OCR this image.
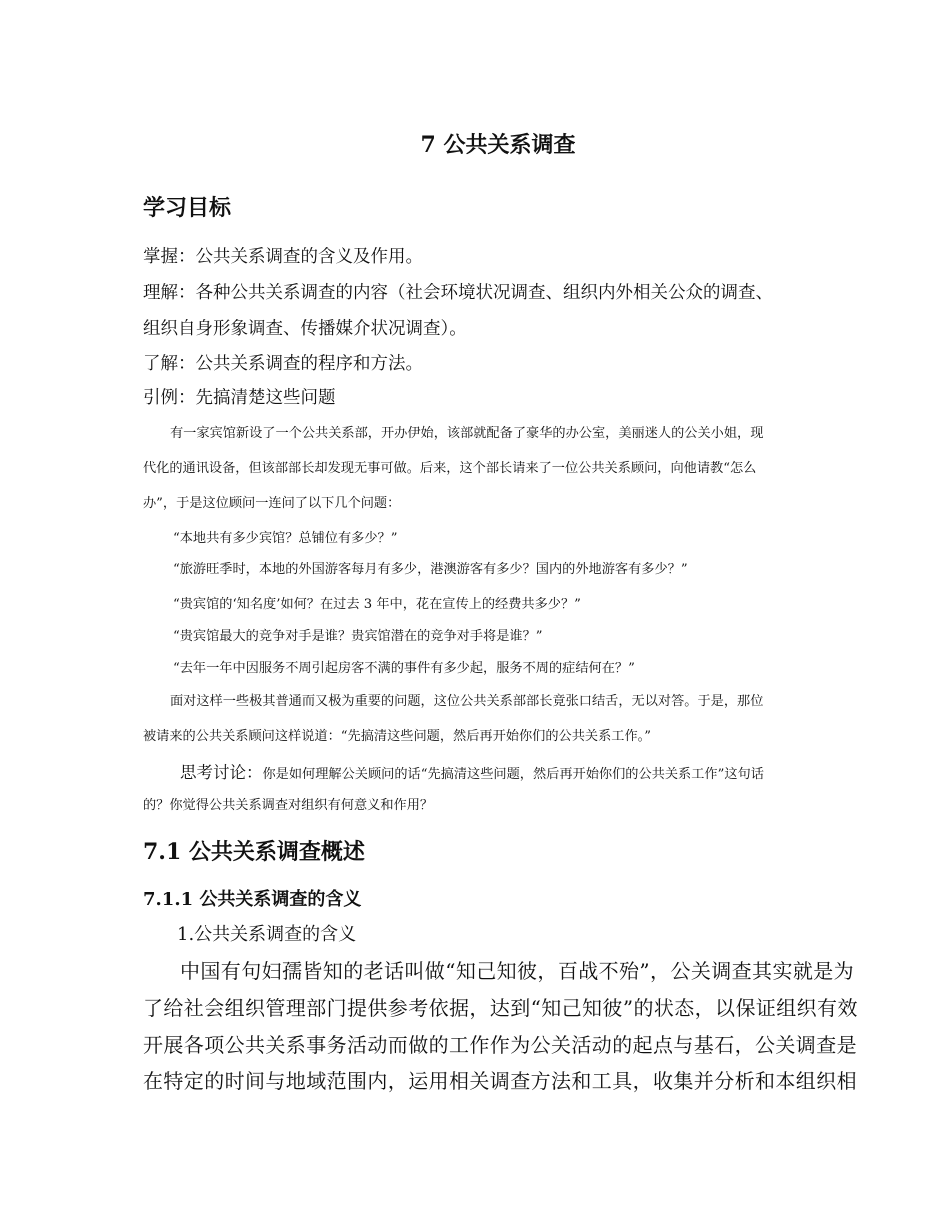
7 公共关系调查
学习目标

掌握：公共关系调查的含义及作用。

理解：各种公共关系调查的内容（社会环境状况调查、组织内外相关公众的调查、

组织自身形象调查、传播媒介状况调查）。

了解：公共关系调查的程序和方法。

引例：先搞清楚这些问题

有一家宾馆新设了一个公共关系部，开办伊始，该部就配备了豪华的办公室，美丽迷人的公关小姐，现

代化的通讯设备，但该部部长却发现无事可做。后来，这个部长请来了一位公共关系顾问，向他请教“怎么

办”，于是这位顾问一连问了以下几个问题：

“本地共有多少宾馆？总铺位有多少？”

“旅游旺季时，本地的外国游客每月有多少，港澳游客有多少？国内的外地游客有多少？”

“贵宾馆的‘知名度’如何？在过去 3 年中，花在宣传上的经费共多少？”

“贵宾馆最大的竞争对手是谁？贵宾馆潜在的竞争对手将是谁？”

“去年一年中因服务不周引起房客不满的事件有多少起，服务不周的症结何在？”

面对这样一些极其普通而又极为重要的问题，这位公共关系部部长竟张口结舌，无以对答。于是，那位

被请来的公共关系顾问这样说道：“先搞清这些问题，然后再开始你们的公共关系工作。”

思考讨论：你是如何理解公关顾问的话“先搞清这些问题，然后再开始你们的公共关系工作”这句话

的？你觉得公共关系调查对组织有何意义和作用？

7.1 公共关系调查概述
7.1.1 公共关系调查的含义
1.公共关系调查的含义

中国有句妇孺皆知的老话叫做“知己知彼，百战不殆”，公关调查其实就是为

了给社会组织管理部门提供参考依据，达到“知己知彼”的状态，以保证组织有效

开展各项公共关系事务活动而做的工作作为公关活动的起点与基石，公关调查是

在特定的时间与地域范围内，运用相关调查方法和工具，收集并分析和本组织相
